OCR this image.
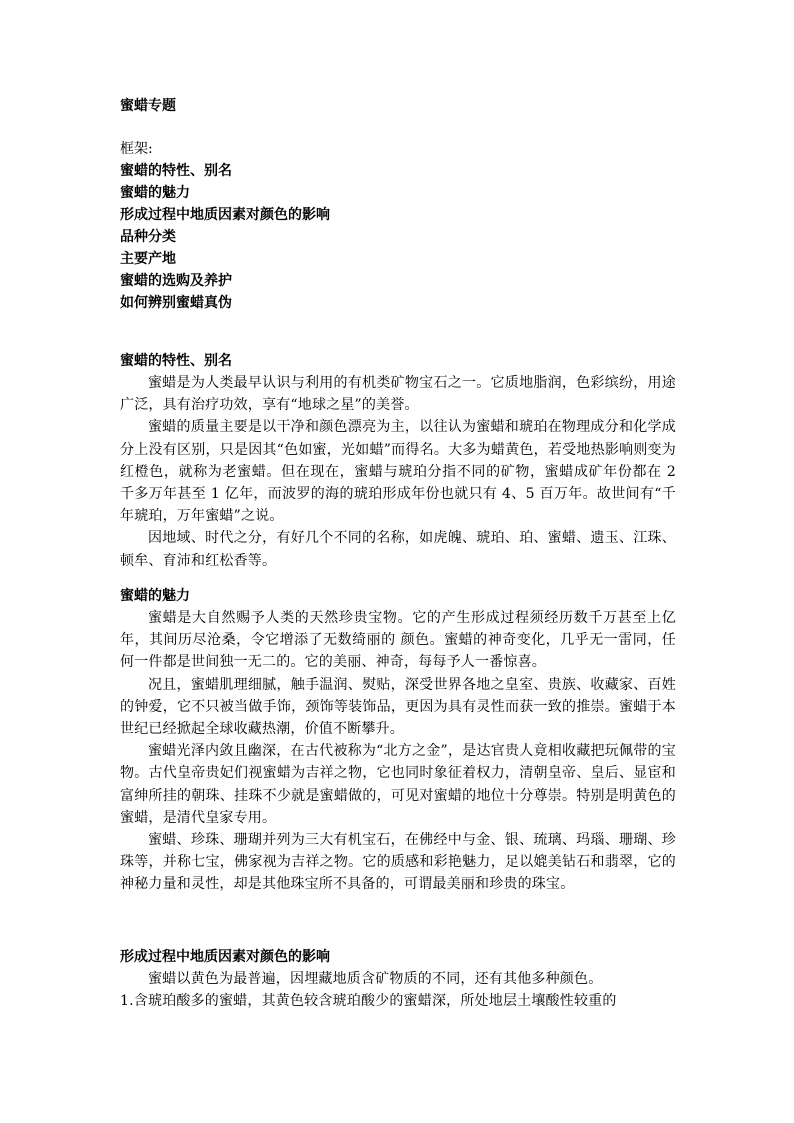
蜜蜡专题
框架:
蜜蜡的特性、别名
蜜蜡的魅力
形成过程中地质因素对颜色的影响
品种分类
主要产地
蜜蜡的选购及养护
如何辨别蜜蜡真伪
蜜蜡的特性、别名

蜜蜡是为人类最早认识与利用的有机类矿物宝石之一。它质地脂润，色彩缤纷，用途广泛，具有治疗功效，享有“地球之星”的美誉。

蜜蜡的质量主要是以干净和颜色漂亮为主，以往认为蜜蜡和琥珀在物理成分和化学成分上没有区别，只是因其“色如蜜，光如蜡”而得名。大多为蜡黄色，若受地热影响则变为红橙色，就称为老蜜蜡。但在现在，蜜蜡与琥珀分指不同的矿物，蜜蜡成矿年份都在 2 千多万年甚至 1 亿年，而波罗的海的琥珀形成年份也就只有 4、5 百万年。故世间有“千年琥珀，万年蜜蜡”之说。

因地域、时代之分，有好几个不同的名称，如虎魄、琥珀、珀、蜜蜡、遗玉、江珠、顿牟、育沛和红松香等。

蜜蜡的魅力

蜜蜡是大自然赐予人类的天然珍贵宝物。它的产生形成过程须经历数千万甚至上亿年，其间历尽沧桑，令它增添了无数绮丽的 颜色。蜜蜡的神奇变化，几乎无一雷同，任何一件都是世间独一无二的。它的美丽、神奇，每每予人一番惊喜。

况且，蜜蜡肌理细腻，触手温润、熨贴，深受世界各地之皇室、贵族、收藏家、百姓的钟爱，它不只被当做手饰，颈饰等装饰品，更因为具有灵性而获一致的推崇。蜜蜡于本世纪已经掀起全球收藏热潮，价值不断攀升。

蜜蜡光泽内敛且幽深，在古代被称为“北方之金”，是达官贵人竟相收藏把玩佩带的宝物。古代皇帝贵妃们视蜜蜡为吉祥之物，它也同时象征着权力，清朝皇帝、皇后、显宦和富绅所挂的朝珠、挂珠不少就是蜜蜡做的，可见对蜜蜡的地位十分尊崇。特别是明黄色的蜜蜡，是清代皇家专用。

蜜蜡、珍珠、珊瑚并列为三大有机宝石，在佛经中与金、银、琉璃、玛瑙、珊瑚、珍珠等，并称七宝，佛家视为吉祥之物。它的质感和彩艳魅力，足以媲美钻石和翡翠，它的神秘力量和灵性，却是其他珠宝所不具备的，可谓最美丽和珍贵的珠宝。

形成过程中地质因素对颜色的影响

蜜蜡以黄色为最普遍，因埋藏地质含矿物质的不同，还有其他多种颜色。

1.含琥珀酸多的蜜蜡，其黄色较含琥珀酸少的蜜蜡深，所处地层土壤酸性较重的
